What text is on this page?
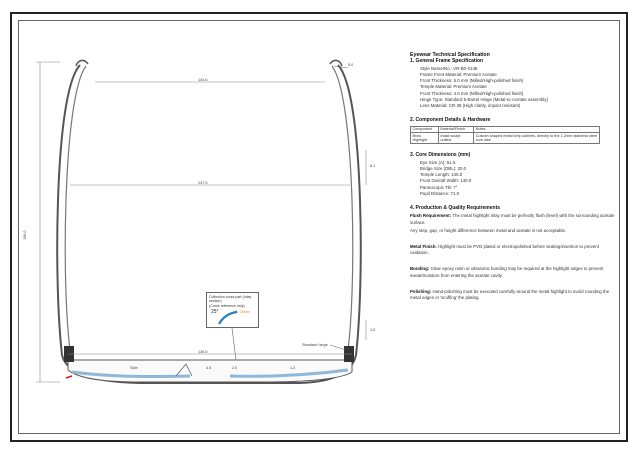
144.6
137.5
138.5
156.0
8.1
1.5
Standard hinge
5.0
4.5	2.0	1.2
Side
Collection cross part (Inlay section)
(Curve reference only)
25°	R=25mm
Eyewear Technical Specification
1. General Frame Specification
Style Name/No.: VR-B0-0148
Frame Front Material: Premium Acetate
Front Thickness: 6.0 mm (Milled/High-polished finish)
Temple Material: Premium Acetate
Front Thickness: 4.0 mm (Milled/High-polished finish)
Hinge Type: Standard 5-Barrel Hinge (Metal-to-Acetate assembly)
Lens Material: CR-39 (High clarity, impact resistant)
2. Component Details & Hardware
Component	Material/Finish	Notes
Brow Highlight	Inlaid sculpt outline	Custom shaped metal strip outlines, directly to the 1.2mm stainless steel core wire
3. Core Dimensions (mm)
Eye Size (A): 51.5
Bridge Size (DBL): 20.0
Temple Length: 146.0
Front Overall Width: 140.0
Pantoscopic Tilt: 7°
Pupil Distance: 71.0
4. Production & Quality Requirements
Flush Requirement: The metal highlight inlay must be perfectly flush (level) with the surrounding acetate surface.
Any step, gap, or height difference between metal and acetate is not acceptable.
Metal Finish: Highlight must be PVD plated or electropolished before seating/insertion to prevent oxidation.
Bonding: Clear epoxy resin or ultrasonic bonding may be required at the highlight edges to prevent sweat/moisture from entering the acetate cavity.
Polishing: Hand-polishing must be executed carefully around the metal highlight to avoid rounding the metal edges or 'scuffing' the plating.
